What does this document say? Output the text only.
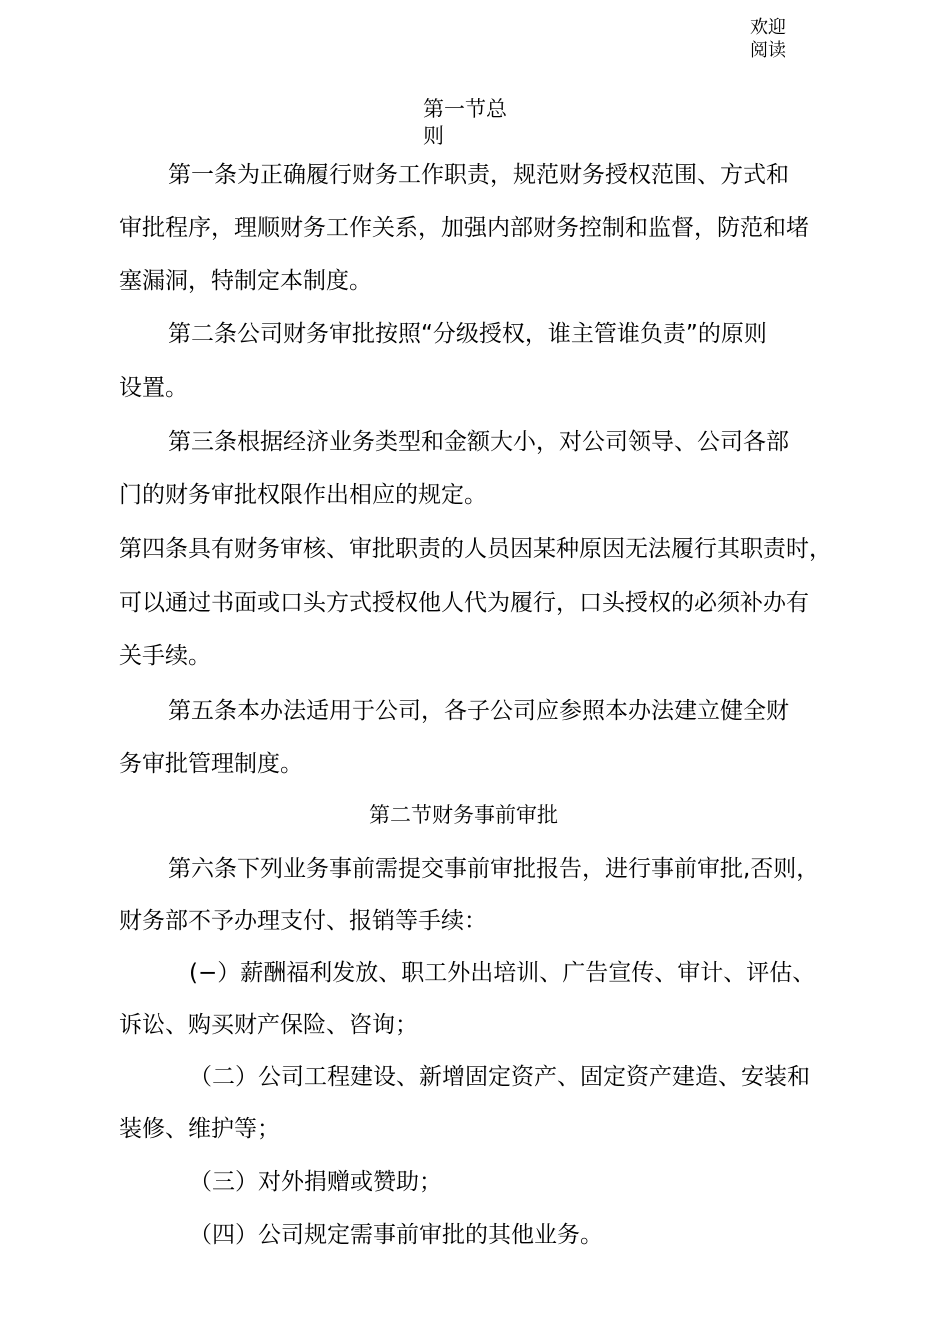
欢迎
阅读
第一节总
则
第一条为正确履行财务工作职责，规范财务授权范围、方式和
审批程序，理顺财务工作关系，加强内部财务控制和监督，防范和堵
塞漏洞，特制定本制度。
第二条公司财务审批按照“分级授权，谁主管谁负责”的原则
设置。
第三条根据经济业务类型和金额大小，对公司领导、公司各部
门的财务审批权限作出相应的规定。
第四条具有财务审核、审批职责的人员因某种原因无法履行其职责时，
可以通过书面或口头方式授权他人代为履行，口头授权的必须补办有
关手续。
第五条本办法适用于公司，各子公司应参照本办法建立健全财
务审批管理制度。
第二节财务事前审批
第六条下列业务事前需提交事前审批报告，进行事前审批,否则，
财务部不予办理支付、报销等手续：
(−）薪酬福利发放、职工外出培训、广告宣传、审计、评估、
诉讼、购买财产保险、咨询；
（二）公司工程建设、新增固定资产、固定资产建造、安装和
装修、维护等；
（三）对外捐赠或赞助；
（四）公司规定需事前审批的其他业务。
